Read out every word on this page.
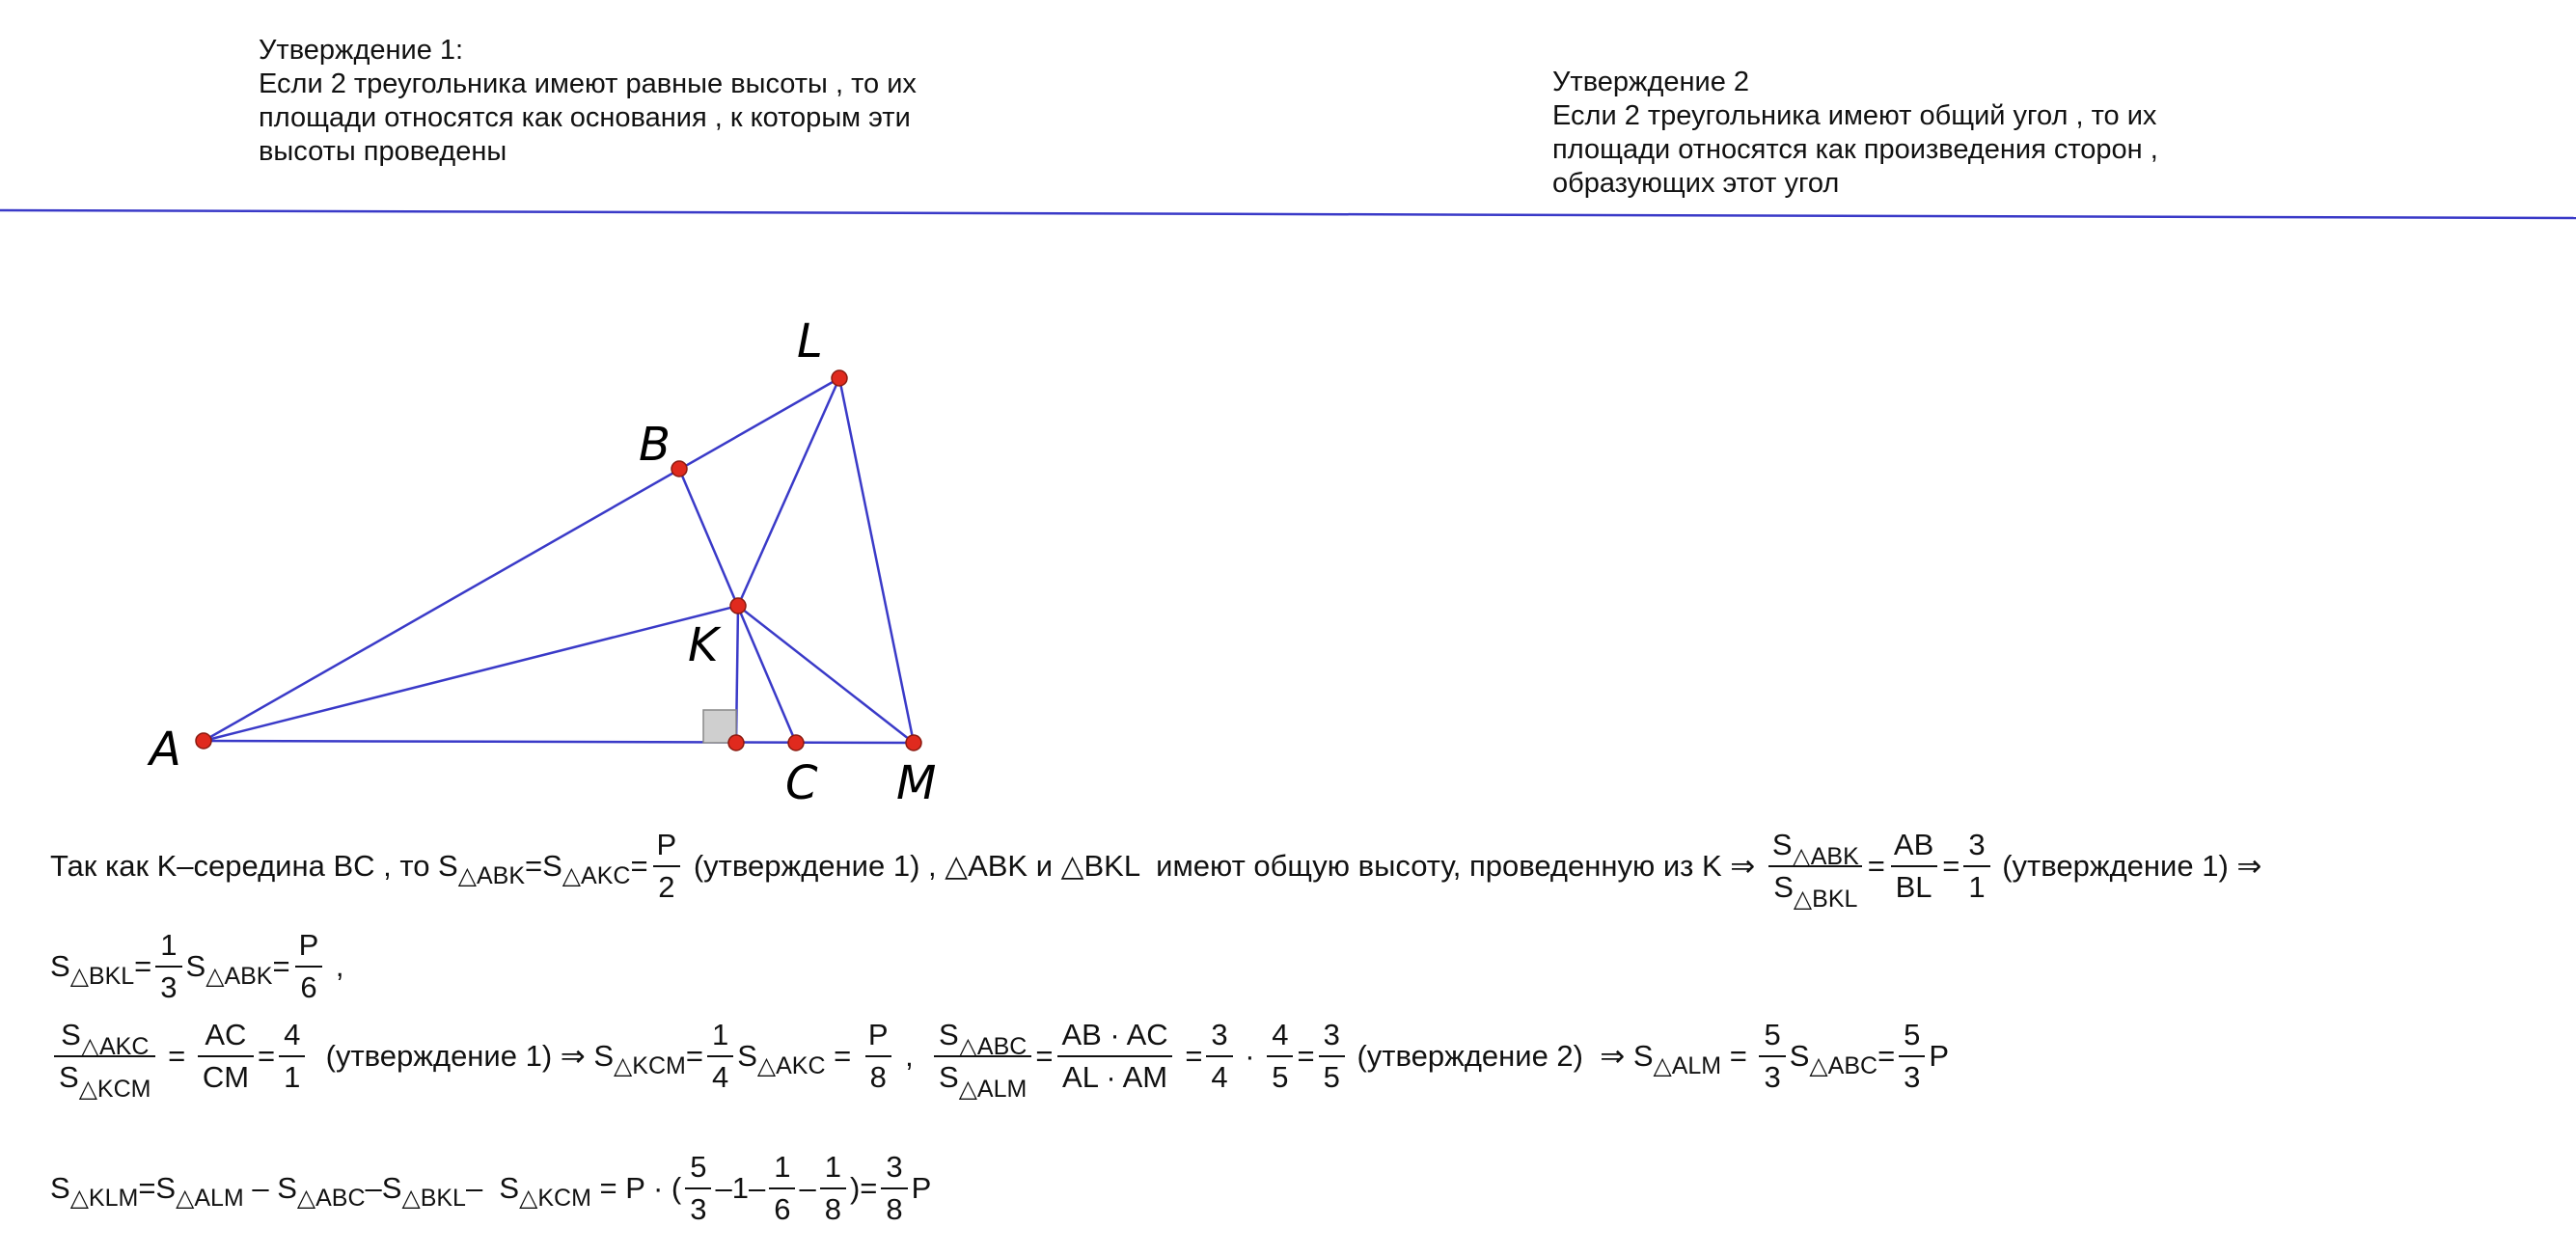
Утверждение 1:
Если 2 треугольника имеют равные высоты , то их
площади относятся как основания , к которым эти
высоты проведены
Утверждение 2
Если 2 треугольника имеют общий угол , то их
площади относятся как произведения сторон ,
образующих этот угол
A
B
L
K
C M
Так как K–середина BC , то S △ABK =S △AKC = $\frac{P}{2}$ (утверждение 1) , △ABK и △BKL  имеют общую высоту, проведенную из K ⇒ $\frac{S_{\triangle ABK}}{S_{\triangle BKL}} = \frac{AB}{BL} = \frac{3}{1}$ (утверждение 1) ⇒
S △BKL = $\frac{1}{3}$ S △ABK = $\frac{P}{6}$ ,
$\frac{S_{\triangle AKC}}{S_{\triangle KCM}} = \frac{AC}{CM} = \frac{4}{1}$ (утверждение 1) ⇒ S △KCM = $\frac{1}{4}$ S △AKC = $\frac{P}{8}$ , $\frac{S_{\triangle ABC}}{S_{\triangle ALM}} = \frac{AB \cdot AC}{AL \cdot AM} = \frac{3}{4} \cdot \frac{4}{5} = \frac{3}{5}$ (утверждение 2)  ⇒ S △ALM = $\frac{5}{3}$ S △ABC = $\frac{5}{3}$ P
S △KLM =S △ALM – S △ABC –S △BKL –  S △KCM = P · ( $\frac{5}{3} -1- \frac{1}{6} - \frac{1}{8}$ )= $\frac{3}{8}$ P
